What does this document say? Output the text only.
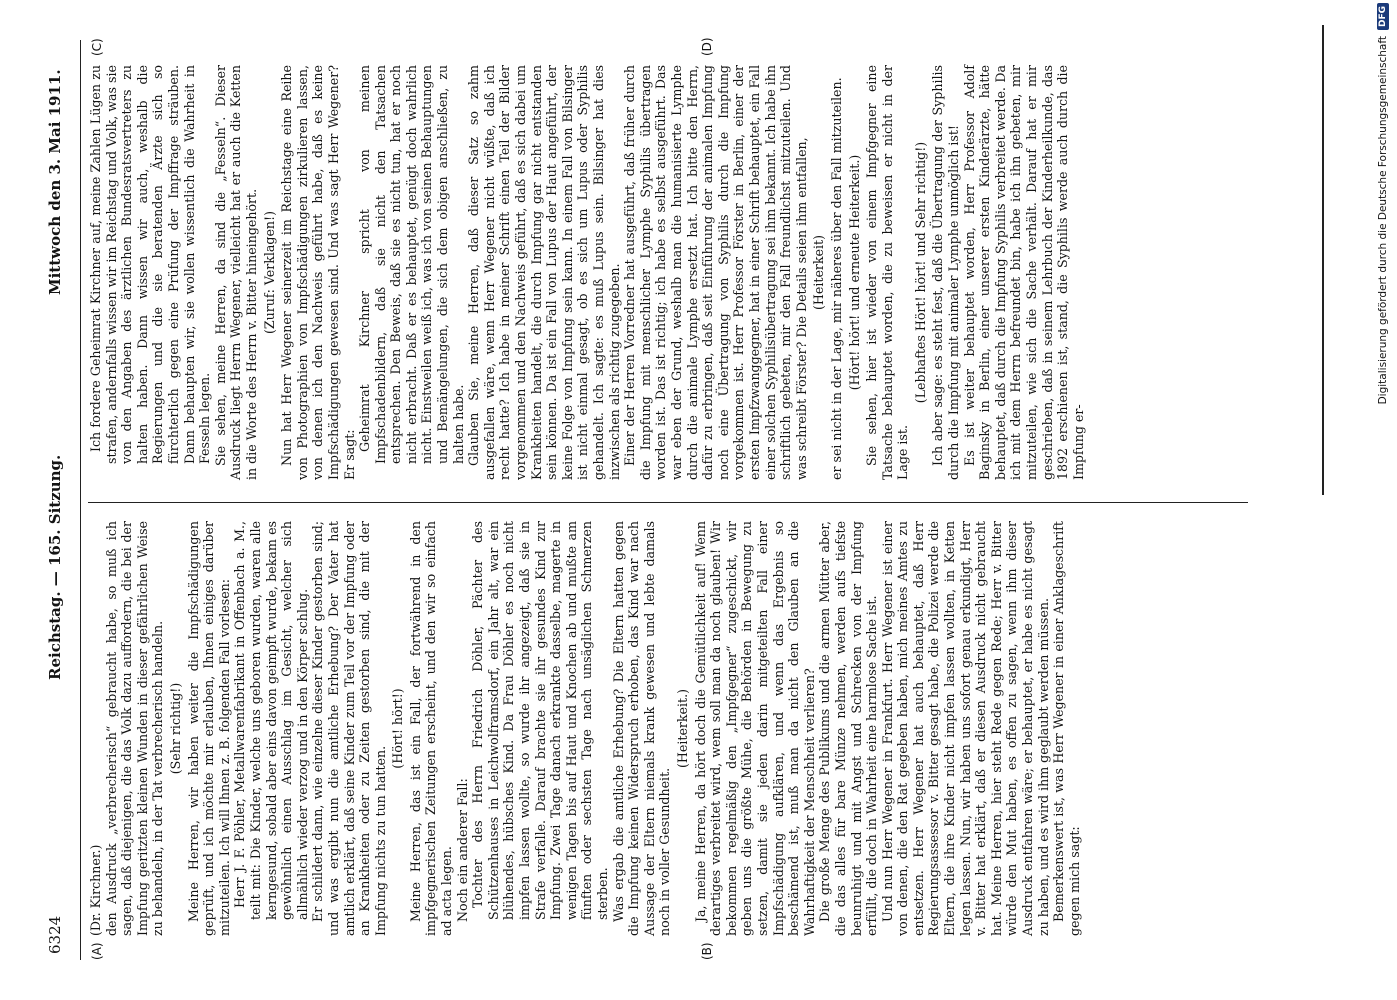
6324
Reichstag. — 165. Sitzung.
Mittwoch den 3. Mai 1911.
(A)	(B)
(C)	(D)

(Dr. Kirchner.) den Ausdruck „verbrecherisch“ gebraucht habe, so muß ich sagen, daß diejenigen, die das Volk dazu auffordern, die bei der Impfung geritzten kleinen Wunden in dieser gefährlichen Weise zu behandeln, in der Tat verbrecherisch handeln. (Sehr richtig!) Meine Herren, wir haben weiter die Impfschädigungen geprüft, und ich möchte mir erlauben, Ihnen einiges darüber mitzuteilen. Ich will Ihnen z. B. folgenden Fall vorlesen: Herr J. F. Pöhler, Metallwarenfabrikant in Offenbach a. M., teilt mit: Die Kinder, welche uns geboren wurden, waren alle kerngesund, sobald aber eins davon geimpft wurde, bekam es gewöhnlich einen Ausschlag im Gesicht, welcher sich allmählich wieder verzog und in den Körper schlug. Er schildert dann, wie einzelne dieser Kinder gestorben sind; und was ergibt nun die amtliche Erhebung? Der Vater hat amtlich erklärt, daß seine Kinder zum Teil vor der Impfung oder an Krankheiten oder zu Zeiten gestorben sind, die mit der Impfung nichts zu tun hatten.

(Hört! hört!) Meine Herren, das ist ein Fall, der fortwährend in den impfgegnerischen Zeitungen erscheint, und den wir so einfach ad acta legen. Noch ein anderer Fall: Tochter des Herrn Friedrich Döhler, Pächter des Schützenhauses in Leichwolframsdorf, ein Jahr alt, war ein blühendes, hübsches Kind. Da Frau Döhler es noch nicht impfen lassen wollte, so wurde ihr angezeigt, daß sie in Strafe verfalle. Darauf brachte sie ihr gesundes Kind zur Impfung. Zwei Tage danach erkrankte dasselbe, magerte in wenigen Tagen bis auf Haut und Knochen ab und mußte am fünften oder sechsten Tage nach unsäglichen Schmerzen sterben. Was ergab die amtliche Erhebung? Die Eltern hatten gegen die Impfung keinen Widerspruch erhoben, das Kind war nach Aussage der Eltern niemals krank gewesen und lebte damals noch in voller Gesundheit.

(Heiterkeit.) Ja, meine Herren, da hört doch die Gemütlichkeit auf! Wenn derartiges verbreitet wird, wem soll man da noch glauben! Wir bekommen regelmäßig den „Impfgegner“ zugeschickt, wir geben uns die größte Mühe, die Behörden in Bewegung zu setzen, damit sie jeden darin mitgeteilten Fall einer Impfschädigung aufklären, und wenn das Ergebnis so beschämend ist, muß man da nicht den Glauben an die Wahrhaftigkeit der Menschheit verlieren? Die große Menge des Publikums und die armen Mütter aber, die das alles für bare Münze nehmen, werden aufs tiefste beunruhigt und mit Angst und Schrecken von der Impfung erfüllt, die doch in Wahrheit eine harmlose Sache ist. Und nun Herr Wegener in Frankfurt. Herr Wegener ist einer von denen, die den Rat gegeben haben, mich meines Amtes zu entsetzen. Herr Wegener hat auch behauptet, daß Herr Regierungsassessor v. Bitter gesagt habe, die Polizei werde die Eltern, die ihre Kinder nicht impfen lassen wollten, in Ketten legen lassen. Nun, wir haben uns sofort genau erkundigt, Herr v. Bitter hat erklärt, daß er diesen Ausdruck nicht gebraucht hat. Meine Herren, hier steht Rede gegen Rede; Herr v. Bitter würde den Mut haben, es offen zu sagen, wenn ihm dieser Ausdruck entfahren wäre; er behauptet, er habe es nicht gesagt zu haben, und es wird ihm geglaubt werden müssen. Bemerkenswert ist, was Herr Wegener in einer Anklageschrift gegen mich sagt:

Ich fordere Geheimrat Kirchner auf, meine Zahlen Lügen zu strafen, andernfalls wissen wir im Reichstag und Volk, was sie von den Angaben des ärztlichen Bundesratsvertreters zu halten haben. Dann wissen wir auch, weshalb die Regierungen und die sie beratenden Ärzte sich so fürchterlich gegen eine Prüfung der Impffrage sträuben. Dann behaupten wir, sie wollen wissentlich die Wahrheit in Fesseln legen. Sie sehen, meine Herren, da sind die „Fesseln“. Dieser Ausdruck liegt Herrn Wegener, vielleicht hat er auch die Ketten in die Worte des Herrn v. Bitter hineingehört. (Zuruf: Verklagen!) Nun hat Herr Wegener seinerzeit im Reichstage eine Reihe von Photographien von Impfschädigungen zirkulieren lassen, von denen ich den Nachweis geführt habe, daß es keine Impfschädigungen gewesen sind. Und was sagt Herr Wegener? Er sagt:

Geheimrat Kirchner spricht von meinen Impfschadenbildern, daß sie nicht den Tatsachen entsprechen. Den Beweis, daß sie es nicht tun, hat er noch nicht erbracht. Daß er es behauptet, genügt doch wahrlich nicht. Einstweilen weiß ich, was ich von seinen Behauptungen und Bemängelungen, die sich dem obigen anschließen, zu halten habe. Glauben Sie, meine Herren, daß dieser Satz so zahm ausgefallen wäre, wenn Herr Wegener nicht wüßte, daß ich recht hatte? Ich habe in meiner Schrift einen Teil der Bilder vorgenommen und den Nachweis geführt, daß es sich dabei um Krankheiten handelt, die durch Impfung gar nicht entstanden sein können. Da ist ein Fall von Lupus der Haut angeführt, der keine Folge von Impfung sein kann. In einem Fall von Bilsinger ist nicht einmal gesagt, ob es sich um Lupus oder Syphilis gehandelt. Ich sagte: es muß Lupus sein. Bilsinger hat dies inzwischen als richtig zugegeben. Einer der Herren Vorredner hat ausgeführt, daß früher durch die Impfung mit menschlicher Lymphe Syphilis übertragen worden ist. Das ist richtig; ich habe es selbst ausgeführt. Das war eben der Grund, weshalb man die humanisierte Lymphe durch die animale Lymphe ersetzt hat. Ich bitte den Herrn, dafür zu erbringen, daß seit Einführung der animalen Impfung noch eine Übertragung von Syphilis durch die Impfung vorgekommen ist. Herr Professor Förster in Berlin, einer der ersten Impfzwanggegner, hat in einer Schrift behauptet, ein Fall einer solchen Syphilisübertragung sei ihm bekannt. Ich habe ihn schriftlich gebeten, mir den Fall freundlichst mitzuteilen. Und was schreibt Förster? Die Details seien ihm entfallen, (Heiterkeit) er sei nicht in der Lage, mir näheres über den Fall mitzuteilen. (Hört! hört! und erneute Heiterkeit.) Sie sehen, hier ist wieder von einem Impfgegner eine Tatsache behauptet worden, die zu beweisen er nicht in der Lage ist.

(Lebhaftes Hört! hört! und Sehr richtig!) Ich aber sage: es steht fest, daß die Übertragung der Syphilis durch die Impfung mit animaler Lymphe unmöglich ist! Es ist weiter behauptet worden, Herr Professor Adolf Baginsky in Berlin, einer unserer ersten Kinderärzte, hätte behauptet, daß durch die Impfung Syphilis verbreitet werde. Da ich mit dem Herrn befreundet bin, habe ich ihn gebeten, mir mitzuteilen, wie sich die Sache verhält. Darauf hat er mir geschrieben, daß in seinem Lehrbuch der Kinderheilkunde, das 1892 erschienen ist, stand, die Syphilis werde auch durch die Impfung er-

Digitalisierung gefördert durch die Deutsche Forschungsgemeinschaft
DFG
